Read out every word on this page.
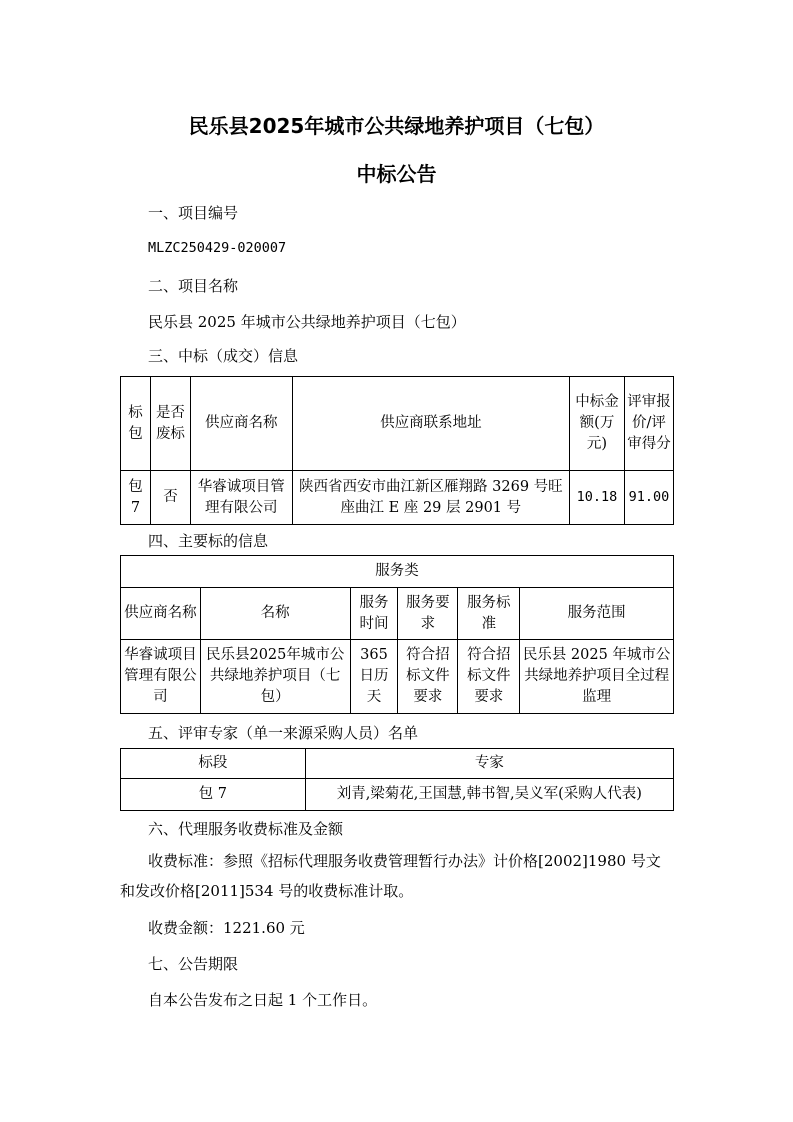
民乐县2025年城市公共绿地养护项目（七包）
中标公告
一、项目编号
MLZC250429-020007
二、项目名称
民乐县 2025 年城市公共绿地养护项目（七包）
三、中标（成交）信息
标包	是否废标	供应商名称	供应商联系地址	中标金额(万元)	评审报价/评审得分
包 7	否	华睿诚项目管理有限公司	陕西省西安市曲江新区雁翔路 3269 号旺座曲江 E 座 29 层 2901 号	10.18	91.00
四、主要标的信息
服务类					
供应商名称	名称	服务时间	服务要求	服务标准	服务范围
华睿诚项目管理有限公司	民乐县2025年城市公共绿地养护项目（七包）	365 日历天	符合招标文件要求	符合招标文件要求	民乐县 2025 年城市公共绿地养护项目全过程监理
五、评审专家（单一来源采购人员）名单
标段	专家
包 7	刘青,梁菊花,王国慧,韩书智,吴义军(采购人代表)
六、代理服务收费标准及金额
收费标准：参照《招标代理服务收费管理暂行办法》计价格[2002]1980 号文
和发改价格[2011]534 号的收费标准计取。
收费金额：1221.60 元
七、公告期限
自本公告发布之日起 1 个工作日。
